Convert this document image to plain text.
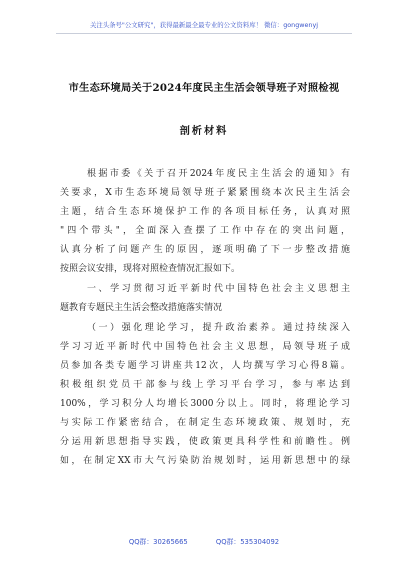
关注头条号"公文研究"，获得最新最全最专业的公文资料库！ 微信：gongwenyj
市生态环境局关于2024年度民主生活会领导班子对照检视
剖析材料
根据市委《关于召开2024年度民主生活会的通知》有
关要求，X市生态环境局领导班子紧紧围绕本次民主生活会
主题，结合生态环境保护工作的各项目标任务，认真对照
"四个带头"，全面深入查摆了工作中存在的突出问题，
认真分析了问题产生的原因，逐项明确了下一步整改措施
按照会议安排，现将对照检查情况汇报如下。
一、学习贯彻习近平新时代中国特色社会主义思想主
题教育专题民主生活会整改措施落实情况
（一）强化理论学习，提升政治素养。通过持续深入
学习习近平新时代中国特色社会主义思想，局领导班子成
员参加各类专题学习讲座共12次，人均撰写学习心得8篇。
积极组织党员干部参与线上学习平台学习，参与率达到
100%，学习积分人均增长3000分以上。同时，将理论学习
与实际工作紧密结合，在制定生态环境政策、规划时，充
分运用新思想指导实践，使政策更具科学性和前瞻性。例
如，在制定XX市大气污染防治规划时，运用新思想中的绿
QQ群：30265665	QQ群：535304092
